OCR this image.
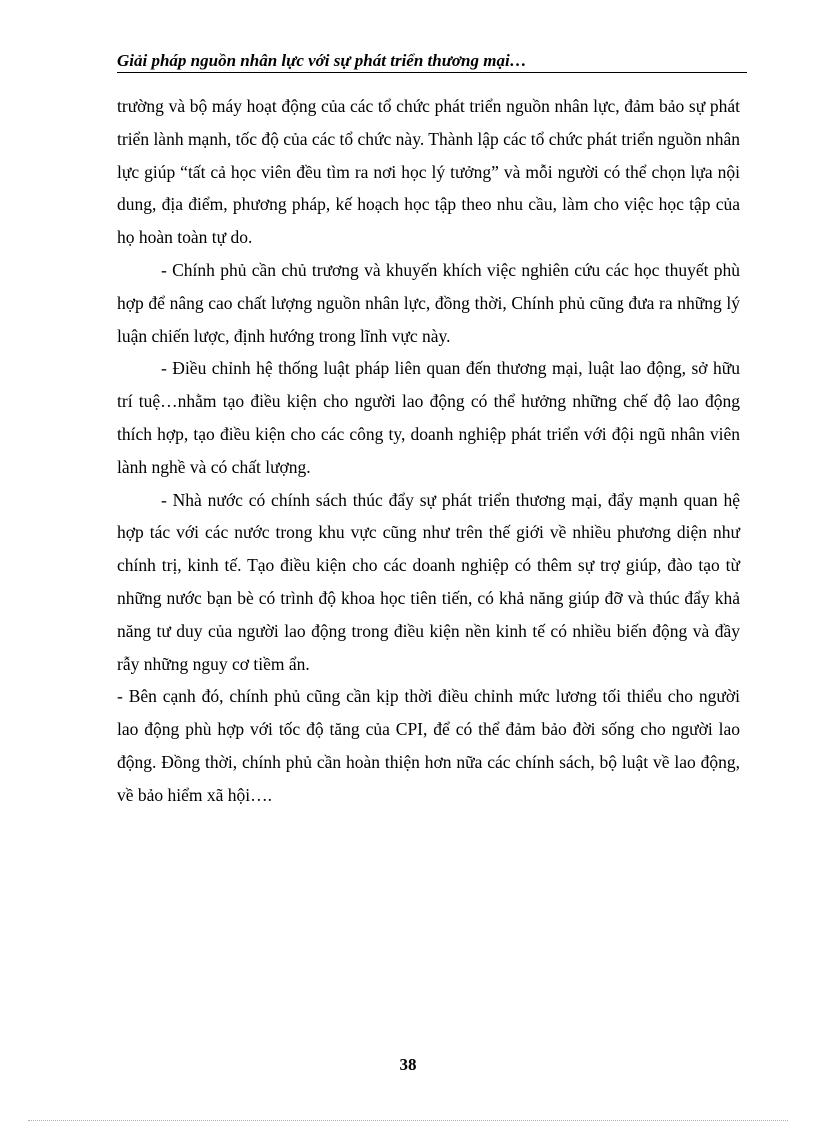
Giải pháp nguồn nhân lực với sự phát triển thương mại…

trường và bộ máy hoạt động của các tổ chức phát triển nguồn nhân lực, đảm bảo sự phát triển lành mạnh, tốc độ của các tổ chức này. Thành lập các tổ chức phát triển nguồn nhân lực giúp “tất cả học viên đều tìm ra nơi học lý tưởng” và mỗi người có thể chọn lựa nội dung, địa điểm, phương pháp, kế hoạch học tập theo nhu cầu, làm cho việc học tập của họ hoàn toàn tự do.

- Chính phủ cần chủ trương và khuyến khích việc nghiên cứu các học thuyết phù hợp để nâng cao chất lượng nguồn nhân lực, đồng thời, Chính phủ cũng đưa ra những lý luận chiến lược, định hướng trong lĩnh vực này.

- Điều chỉnh hệ thống luật pháp liên quan đến thương mại, luật lao động, sở hữu trí tuệ…nhằm tạo điều kiện cho người lao động có thể hưởng những chế độ lao động thích hợp, tạo điều kiện cho các công ty, doanh nghiệp phát triển với đội ngũ nhân viên lành nghề và có chất lượng.

- Nhà nước có chính sách thúc đẩy sự phát triển thương mại, đẩy mạnh quan hệ hợp tác với các nước trong khu vực cũng như trên thế giới về nhiều phương diện như chính trị, kinh tế. Tạo điều kiện cho các doanh nghiệp có thêm sự trợ giúp, đào tạo từ những nước bạn bè có trình độ khoa học tiên tiến, có khả năng giúp đỡ và thúc đẩy khả năng tư duy của người lao động trong điều kiện nền kinh tế có nhiều biến động và đầy rẫy những nguy cơ tiềm ẩn.

- Bên cạnh đó, chính phủ cũng cần kịp thời điều chỉnh mức lương tối thiểu cho người lao động phù hợp với tốc độ tăng của CPI, để có thể đảm bảo đời sống cho người lao động. Đồng thời, chính phủ cần hoàn thiện hơn nữa các chính sách, bộ luật về lao động, về bảo hiểm xã hội….

38
